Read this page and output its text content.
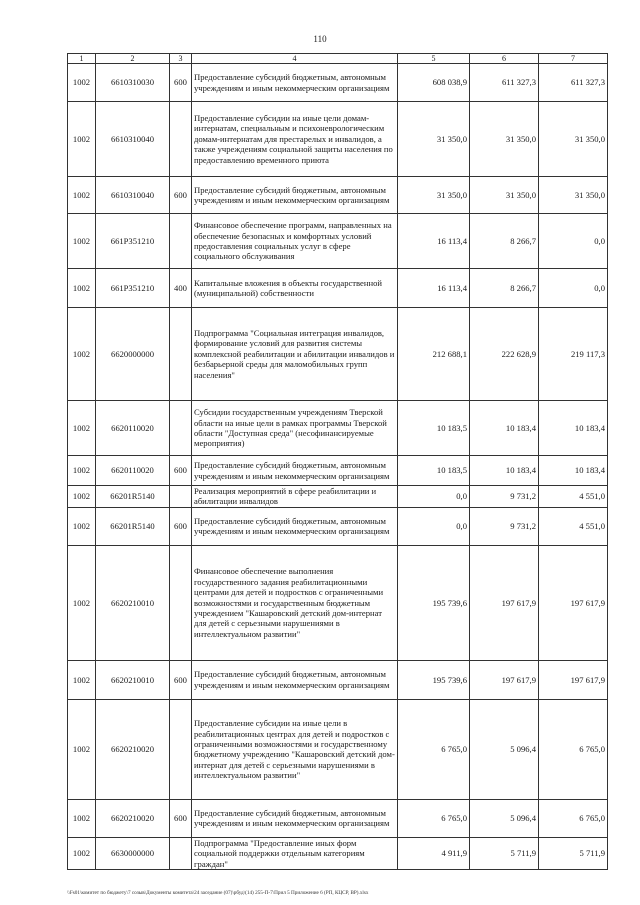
110
1	2	3	4	5	6	7
1002	6610310030	600	Предоставление субсидий бюджетным, автономным учреждениям и иным некоммерческим организациям	608 038,9	611 327,3	611 327,3
1002	6610310040		Предоставление субсидии на иные цели домам-интернатам, специальным и психоневрологическим домам-интернатам для престарелых и инвалидов, а также учреждениям социальной защиты населения по предоставлению временного приюта	31 350,0	31 350,0	31 350,0
1002	6610310040	600	Предоставление субсидий бюджетным, автономным учреждениям и иным некоммерческим организациям	31 350,0	31 350,0	31 350,0
1002	661P351210		Финансовое обеспечение программ, направленных на обеспечение безопасных и комфортных условий предоставления социальных услуг в сфере социального обслуживания	16 113,4	8 266,7	0,0
1002	661P351210	400	Капитальные вложения в объекты государственной (муниципальной) собственности	16 113,4	8 266,7	0,0
1002	6620000000		Подпрограмма "Социальная интеграция инвалидов, формирование условий для развития системы комплексной реабилитации и абилитации инвалидов и безбарьерной среды для маломобильных групп населения"	212 688,1	222 628,9	219 117,3
1002	6620110020		Субсидии государственным учреждениям Тверской области на иные цели в рамках программы Тверской области "Доступная среда" (несофинансируемые мероприятия)	10 183,5	10 183,4	10 183,4
1002	6620110020	600	Предоставление субсидий бюджетным, автономным учреждениям и иным некоммерческим организациям	10 183,5	10 183,4	10 183,4
1002	66201R5140		Реализация мероприятий в сфере реабилитации и абилитации инвалидов	0,0	9 731,2	4 551,0
1002	66201R5140	600	Предоставление субсидий бюджетным, автономным учреждениям и иным некоммерческим организациям	0,0	9 731,2	4 551,0
1002	6620210010		Финансовое обеспечение выполнения государственного задания реабилитационными центрами для детей и подростков с ограниченными возможностями и государственным бюджетным учреждением "Кашаровский детский дом-интернат для детей с серьезными нарушениями в интеллектуальном развитии"	195 739,6	197 617,9	197 617,9
1002	6620210010	600	Предоставление субсидий бюджетным, автономным учреждениям и иным некоммерческим организациям	195 739,6	197 617,9	197 617,9
1002	6620210020		Предоставление субсидии на иные цели в реабилитационных центрах для детей и подростков с ограниченными возможностями и государственному бюджетному учреждению "Кашаровский детский дом-интернат для детей с серьезными нарушениями в интеллектуальном развитии"	6 765,0	5 096,4	6 765,0
1002	6620210020	600	Предоставление субсидий бюджетным, автономным учреждениям и иным некоммерческим организациям	6 765,0	5 096,4	6 765,0
1002	6630000000		Подпрограмма "Предоставление иных форм социальной поддержки отдельным категориям граждан"	4 911,9	5 711,9	5 711,9
\\Fs01\комитет по бюджету\7 созыв\Документы комитета\24 заседание (07)\рбуд\(14) 255-П-7\Прил 5 Приложение 6 (РП, КЦСР, ВР).xlsx
